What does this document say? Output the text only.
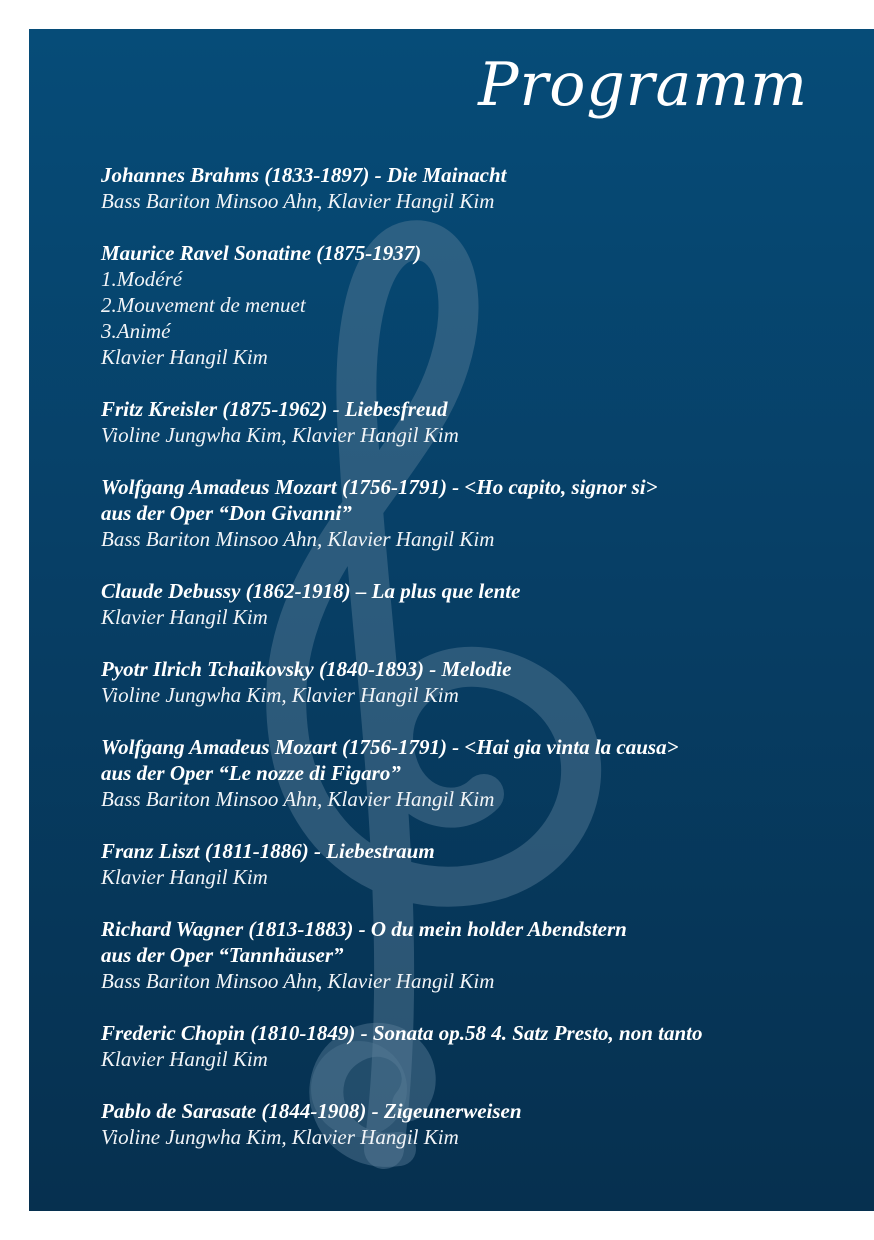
Programm
Johannes Brahms (1833-1897) - Die Mainacht
Bass Bariton Minsoo Ahn, Klavier Hangil Kim
Maurice Ravel Sonatine (1875-1937)
1.Modéré
2.Mouvement de menuet
3.Animé
Klavier Hangil Kim
Fritz Kreisler (1875-1962) - Liebesfreud
Violine Jungwha Kim, Klavier Hangil Kim
Wolfgang Amadeus Mozart (1756-1791) - <Ho capito, signor si>
aus der Oper “Don Givanni”
Bass Bariton Minsoo Ahn, Klavier Hangil Kim
Claude Debussy (1862-1918) – La plus que lente
Klavier Hangil Kim
Pyotr Ilrich Tchaikovsky (1840-1893) - Melodie
Violine Jungwha Kim, Klavier Hangil Kim
Wolfgang Amadeus Mozart (1756-1791) - <Hai gia vinta la causa>
aus der Oper “Le nozze di Figaro”
Bass Bariton Minsoo Ahn, Klavier Hangil Kim
Franz Liszt (1811-1886) - Liebestraum
Klavier Hangil Kim
Richard Wagner (1813-1883) - O du mein holder Abendstern
aus der Oper “Tannhäuser”
Bass Bariton Minsoo Ahn, Klavier Hangil Kim
Frederic Chopin (1810-1849) - Sonata op.58 4. Satz Presto, non tanto
Klavier Hangil Kim
Pablo de Sarasate (1844-1908) - Zigeunerweisen
Violine Jungwha Kim, Klavier Hangil Kim
